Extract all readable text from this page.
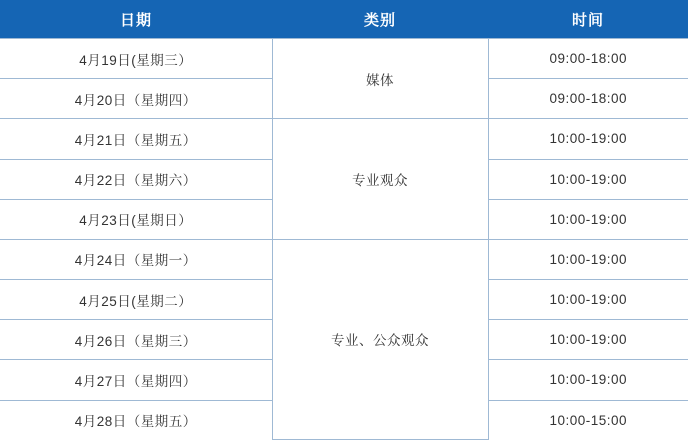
日期	类别	时间
4月19日(星期三）	媒体	09:00-18:00
4月20日（星期四）		09:00-18:00
4月21日（星期五）	专业观众	10:00-19:00
4月22日（星期六）		10:00-19:00
4月23日(星期日）		10:00-19:00
4月24日（星期一）	专业、公众观众	10:00-19:00
4月25日(星期二）		10:00-19:00
4月26日（星期三）		10:00-19:00
4月27日（星期四）		10:00-19:00
4月28日（星期五）		10:00-15:00
